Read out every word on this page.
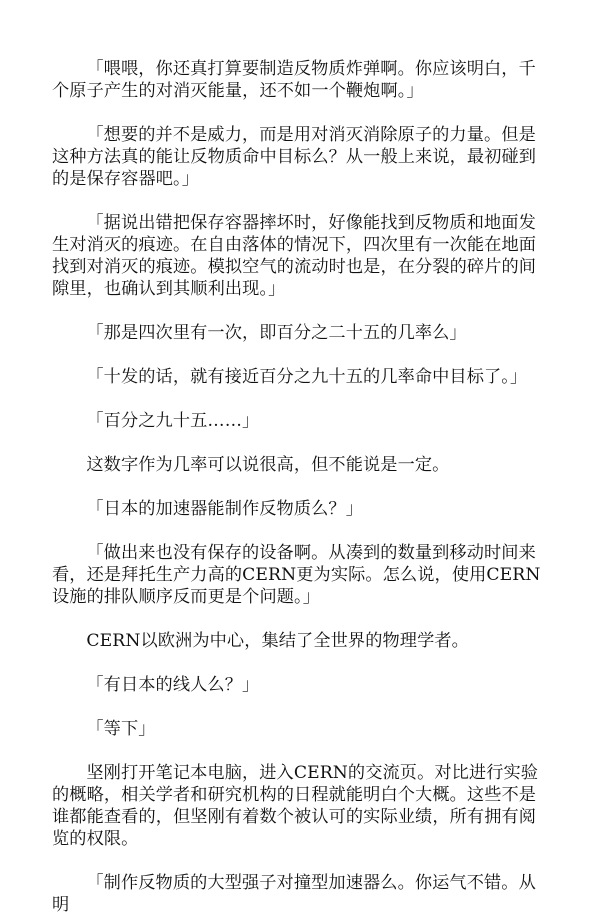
「喂喂，你还真打算要制造反物质炸弹啊。你应该明白，千个原子产生的对消灭能量，还不如一个鞭炮啊。」

「想要的并不是威力，而是用对消灭消除原子的力量。但是这种方法真的能让反物质命中目标么？从一般上来说，最初碰到的是保存容器吧。」

「据说出错把保存容器摔坏时，好像能找到反物质和地面发生对消灭的痕迹。在自由落体的情况下，四次里有一次能在地面找到对消灭的痕迹。模拟空气的流动时也是，在分裂的碎片的间隙里，也确认到其顺利出现。」

「那是四次里有一次，即百分之二十五的几率么」

「十发的话，就有接近百分之九十五的几率命中目标了。」

「百分之九十五……」

这数字作为几率可以说很高，但不能说是一定。

「日本的加速器能制作反物质么？」

「做出来也没有保存的设备啊。从凑到的数量到移动时间来看，还是拜托生产力高的CERN更为实际。怎么说，使用CERN设施的排队顺序反而更是个问题。」

CERN以欧洲为中心，集结了全世界的物理学者。

「有日本的线人么？」

「等下」

坚刚打开笔记本电脑，进入CERN的交流页。对比进行实验的概略，相关学者和研究机构的日程就能明白个大概。这些不是谁都能查看的，但坚刚有着数个被认可的实际业绩，所有拥有阅览的权限。

「制作反物质的大型强子对撞型加速器么。你运气不错。从明
